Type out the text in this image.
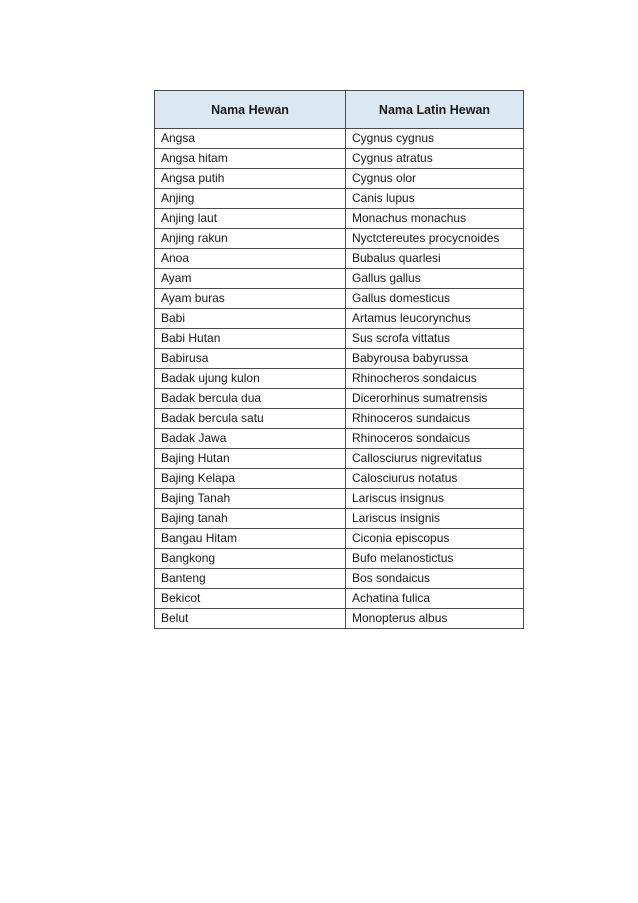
Nama Hewan	Nama Latin Hewan
Angsa	Cygnus cygnus
Angsa hitam	Cygnus atratus
Angsa putih	Cygnus olor
Anjing	Canis lupus
Anjing laut	Monachus monachus
Anjing rakun	Nyctctereutes procycnoides
Anoa	Bubalus quarlesi
Ayam	Gallus gallus
Ayam buras	Gallus domesticus
Babi	Artamus leucorynchus
Babi Hutan	Sus scrofa vittatus
Babirusa	Babyrousa babyrussa
Badak ujung kulon	Rhinocheros sondaicus
Badak bercula dua	Dicerorhinus sumatrensis
Badak bercula satu	Rhinoceros sundaicus
Badak Jawa	Rhinoceros sondaicus
Bajing Hutan	Callosciurus nigrevitatus
Bajing Kelapa	Calosciurus notatus
Bajing Tanah	Lariscus insignus
Bajing tanah	Lariscus insignis
Bangau Hitam	Ciconia episcopus
Bangkong	Bufo melanostictus
Banteng	Bos sondaicus
Bekicot	Achatina fulica
Belut	Monopterus albus
